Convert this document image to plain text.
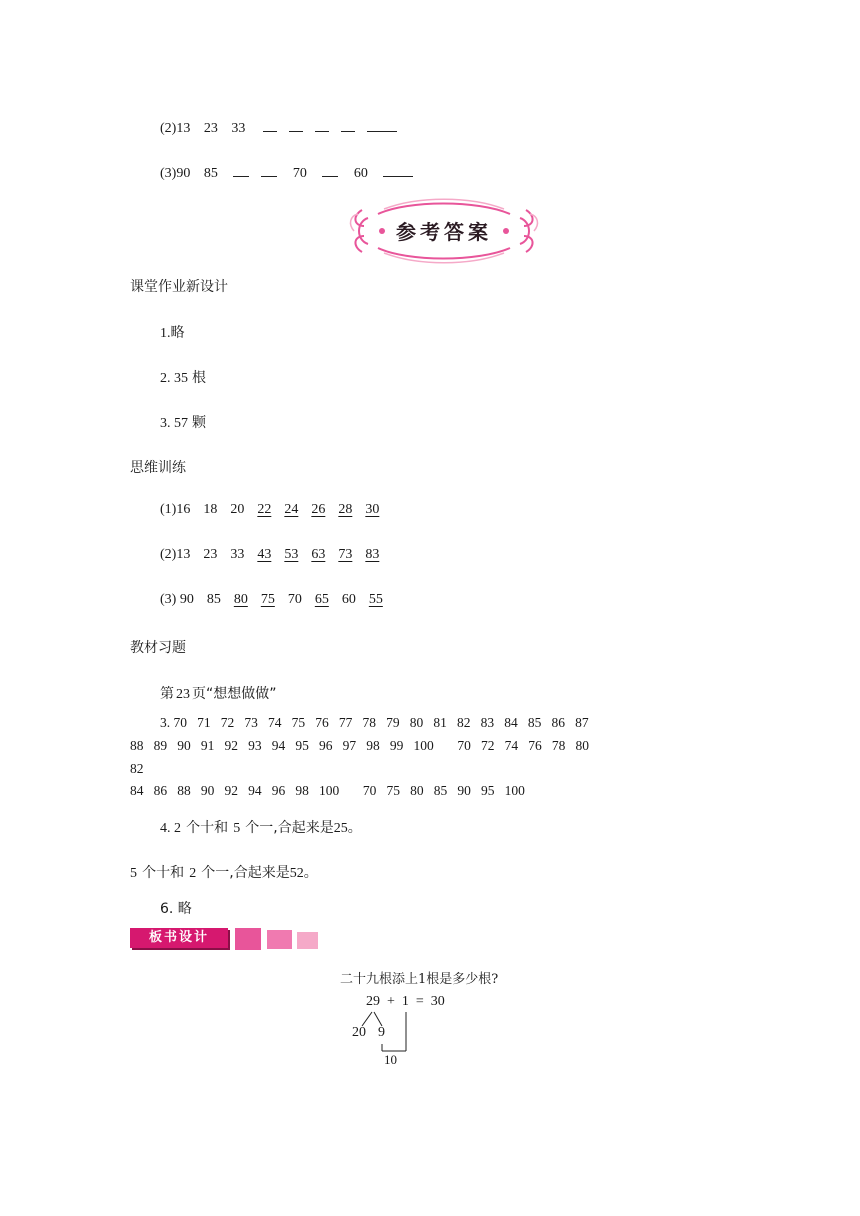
(2)13 23 33
(3)90 85	70	60
参考答案
课堂作业新设计
1.略
2. 35 根
3. 57 颗
思维训练
(1)16 18 20 22 24 26 28 30
(2)13 23 33 43 53 63 73 83
(3) 90 85 80 75 70 65 60 55
教材习题
第 23 页“想想做做”
3. 70   71   72   73   74   75   76   77   78   79   80   81   82   83   84   85   86   87
88   89   90   91   92   93   94   95   96   97   98   99   100       70   72   74   76   78   80
82
84   86   88   90   92   94   96   98   100       70   75   80   85   90   95   100
4. 2 个十和 5 个一,合起来是25。
5 个十和 2 个一,合起来是52。
6. 略
板书设计
二十九根添上1根是多少根?
29  +  1  =  30
20 9
10
